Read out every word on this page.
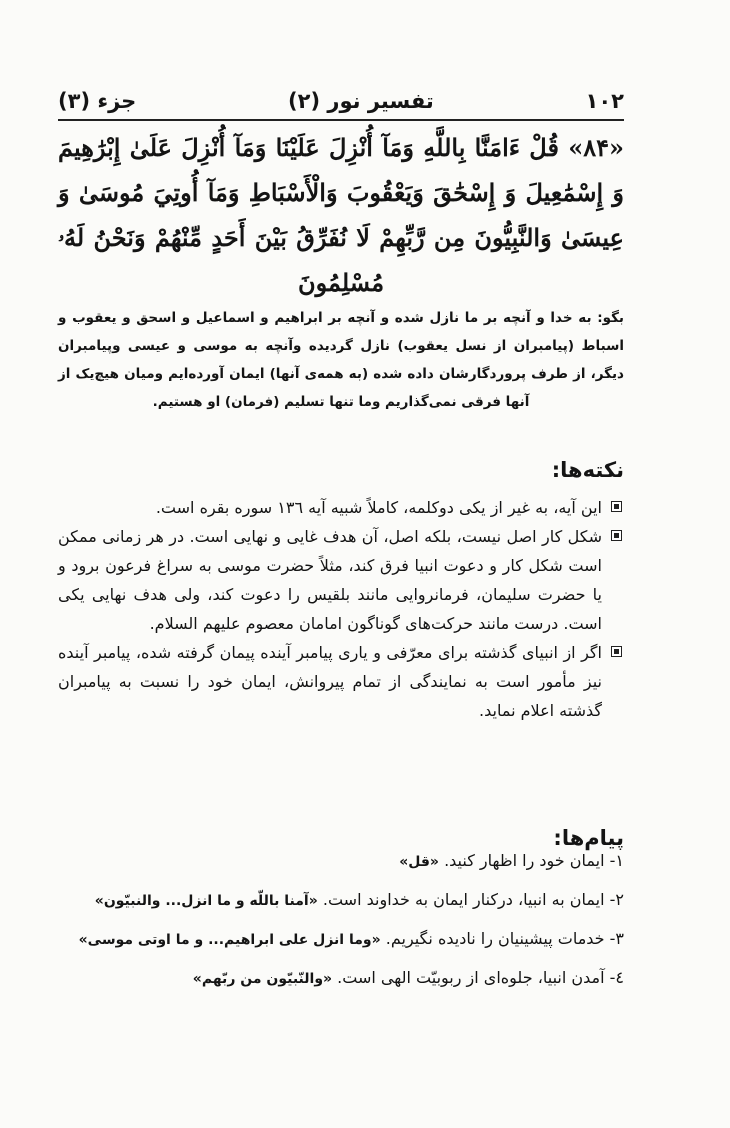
۱۰۲
تفسیر نور (۲)
جزء (۳)
«۸۴» قُلْ ءَامَنَّا بِاللَّهِ وَمَآ أُنْزِلَ عَلَيْنَا وَمَآ أُنْزِلَ عَلَىٰ إِبْرَٰهِيمَ وَ إِسْمَٰعِيلَ وَ إِسْحَٰقَ وَيَعْقُوبَ وَالْأَسْبَاطِ وَمَآ أُوتِيَ مُوسَىٰ وَ عِيسَىٰ وَالنَّبِيُّونَ مِن رَّبِّهِمْ لَا نُفَرِّقُ بَيْنَ أَحَدٍ مِّنْهُمْ وَنَحْنُ لَهُۥ مُسْلِمُونَ
بگو: به خدا و آنچه بر ما نازل شده و آنچه بر ابراهیم و اسماعیل و اسحق و یعقوب و اسباط (پیامبران از نسل یعقوب) نازل گردیده وآنچه به موسی و عیسی وپیامبران دیگر، از طرف پروردگارشان داده شده (به همه‌ی آنها) ایمان آورده‌ایم ومیان هیچ‌یک از آنها فرقی نمی‌گذاریم وما تنها تسلیم (فرمان) او هستیم.
نکته‌ها:
این آیه، به غیر از یکی دوکلمه، کاملاً شبیه آیه ۱۳٦ سوره بقره است.
شکل کار اصل نیست، بلکه اصل، آن هدف غایی و نهایی است. در هر زمانی ممکن است شکل کار و دعوت انبیا فرق کند، مثلاً حضرت موسی به سراغ فرعون برود و یا حضرت سلیمان، فرمانروایی مانند بلقیس را دعوت کند، ولی هدف نهایی یکی است. درست مانند حرکت‌های گوناگون امامان معصوم علیهم السلام.
اگر از انبیای گذشته برای معرّفی و یاری پیامبر آینده پیمان گرفته شده، پیامبر آینده نیز مأمور است به نمایندگی از تمام پیروانش، ایمان خود را نسبت به پیامبران گذشته اعلام نماید.
پیام‌ها:
۱- ایمان خود را اظهار کنید. «قل»
۲- ایمان به انبیا، درکنار ایمان به خداوند است. «آمنا باللّه و ما انزل... والنبیّون»
۳- خدمات پیشینیان را نادیده نگیریم. «وما انزل علی ابراهیم... و ما اوتی موسی»
٤- آمدن انبیا، جلوه‌ای از ربوبیّت الهی است. «والنّبیّون من ربّهم»
